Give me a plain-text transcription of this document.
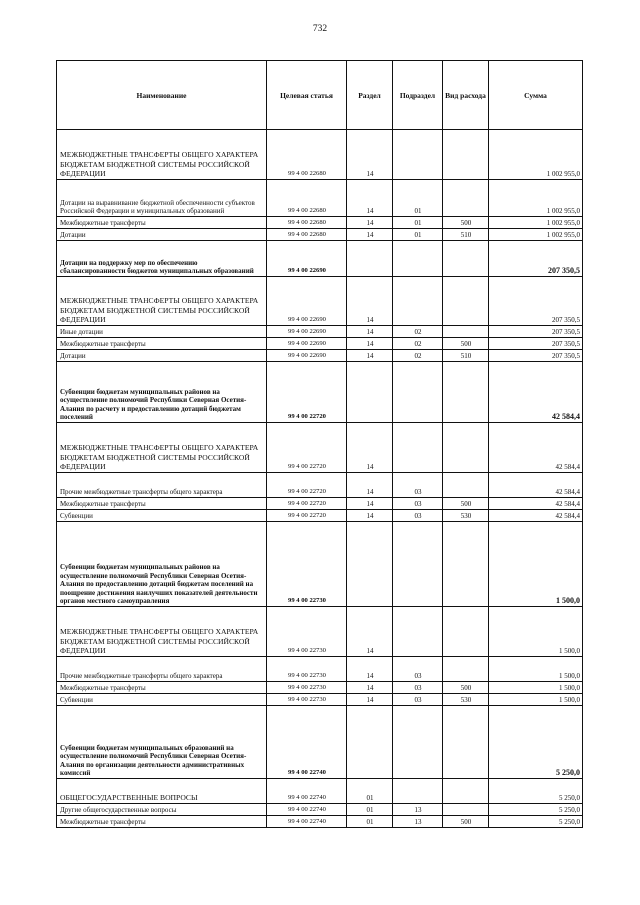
732
Наименование	Целевая статья	Раздел	Подраздел	Вид расхода	Сумма
МЕЖБЮДЖЕТНЫЕ ТРАНСФЕРТЫ ОБЩЕГО ХАРАКТЕРА БЮДЖЕТАМ БЮДЖЕТНОЙ СИСТЕМЫ РОССИЙСКОЙ ФЕДЕРАЦИИ	99 4 00 22680	14			1 002 955,0
Дотации на выравнивание бюджетной обеспеченности субъектов Российской Федерации и муниципальных образований	99 4 00 22680	14	01		1 002 955,0
Межбюджетные трансферты	99 4 00 22680	14	01	500	1 002 955,0
Дотации	99 4 00 22680	14	01	510	1 002 955,0
Дотации на поддержку мер по обеспечению сбалансированности бюджетов муниципальных образований	99 4 00 22690				207 350,5
МЕЖБЮДЖЕТНЫЕ ТРАНСФЕРТЫ ОБЩЕГО ХАРАКТЕРА БЮДЖЕТАМ БЮДЖЕТНОЙ СИСТЕМЫ РОССИЙСКОЙ ФЕДЕРАЦИИ	99 4 00 22690	14			207 350,5
Иные дотации	99 4 00 22690	14	02		207 350,5
Межбюджетные трансферты	99 4 00 22690	14	02	500	207 350,5
Дотации	99 4 00 22690	14	02	510	207 350,5
Субвенции бюджетам муниципальных районов на осуществление полномочий Республики Северная Осетия-Алания по расчету и предоставлению дотаций бюджетам поселений	99 4 00 22720				42 584,4
МЕЖБЮДЖЕТНЫЕ ТРАНСФЕРТЫ ОБЩЕГО ХАРАКТЕРА БЮДЖЕТАМ БЮДЖЕТНОЙ СИСТЕМЫ РОССИЙСКОЙ ФЕДЕРАЦИИ	99 4 00 22720	14			42 584,4
Прочие межбюджетные трансферты общего характера	99 4 00 22720	14	03		42 584,4
Межбюджетные трансферты	99 4 00 22720	14	03	500	42 584,4
Субвенции	99 4 00 22720	14	03	530	42 584,4
Субвенции бюджетам муниципальных районов на осуществление полномочий Республики Северная Осетия-Алания по предоставлению дотаций бюджетам поселений на поощрение достижения наилучших показателей деятельности органов местного самоуправления	99 4 00 22730				1 500,0
МЕЖБЮДЖЕТНЫЕ ТРАНСФЕРТЫ ОБЩЕГО ХАРАКТЕРА БЮДЖЕТАМ БЮДЖЕТНОЙ СИСТЕМЫ РОССИЙСКОЙ ФЕДЕРАЦИИ	99 4 00 22730	14			1 500,0
Прочие межбюджетные трансферты общего характера	99 4 00 22730	14	03		1 500,0
Межбюджетные трансферты	99 4 00 22730	14	03	500	1 500,0
Субвенции	99 4 00 22730	14	03	530	1 500,0
Субвенции бюджетам муниципальных образований на осуществление полномочий Республики Северная Осетия-Алания по организации деятельности административных комиссий	99 4 00 22740				5 250,0
ОБЩЕГОСУДАРСТВЕННЫЕ ВОПРОСЫ	99 4 00 22740	01			5 250,0
Другие общегосударственные вопросы	99 4 00 22740	01	13		5 250,0
Межбюджетные трансферты	99 4 00 22740	01	13	500	5 250,0
